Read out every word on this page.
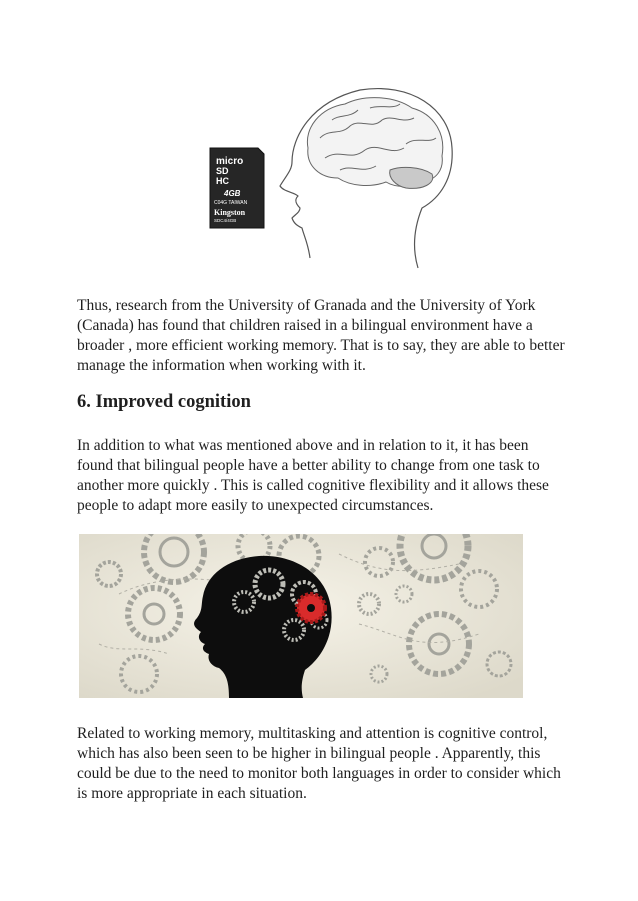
micro
SD
HC
4GB
C04G TAIWAN
Kingston
SDC4/4GB

Thus, research from the University of Granada and the University of York (Canada) has found that children raised in a bilingual environment have a broader , more efficient working memory. That is to say, they are able to better manage the information when working with it.

6. Improved cognition

In addition to what was mentioned above and in relation to it, it has been found that bilingual people have a better ability to change from one task to another more quickly . This is called cognitive flexibility and it allows these people to adapt more easily to unexpected circumstances.

Related to working memory, multitasking and attention is cognitive control, which has also been seen to be higher in bilingual people . Apparently, this could be due to the need to monitor both languages in order to consider which is more appropriate in each situation.
